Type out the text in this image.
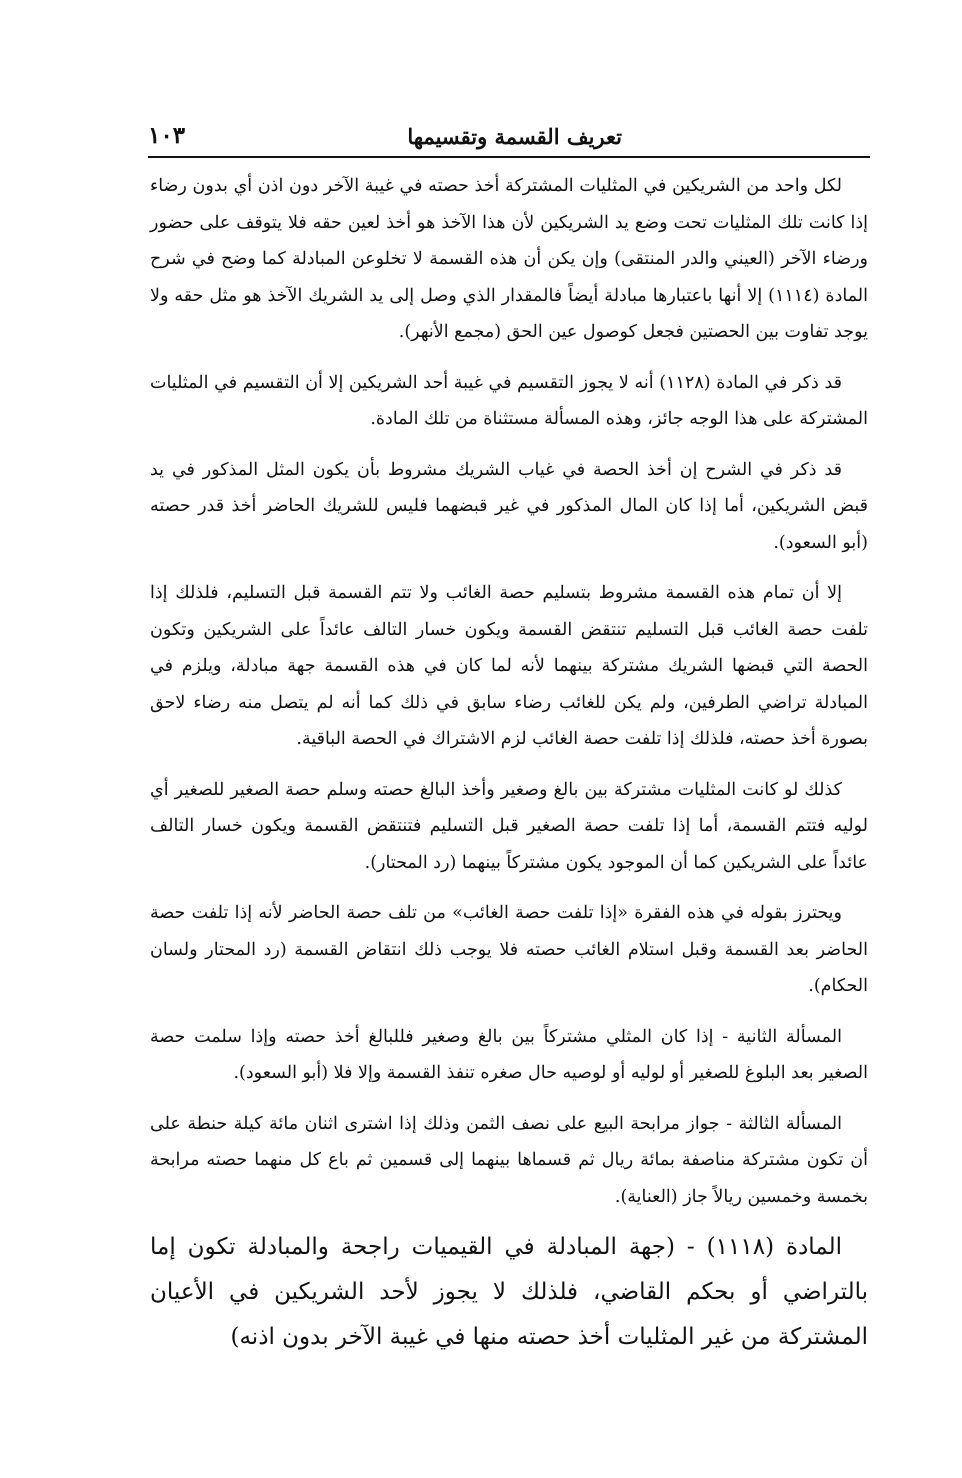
تعريف القسمة وتقسيمها
١٠٣

لكل واحد من الشريكين في المثليات المشتركة أخذ حصته في غيبة الآخر دون اذن أي بدون رضاء إذا كانت تلك المثليات تحت وضع يد الشريكين لأن هذا الآخذ هو أخذ لعين حقه فلا يتوقف على حضور ورضاء الآخر (العيني والدر المنتقى) وإن يكن أن هذه القسمة لا تخلوعن المبادلة كما وضح في شرح المادة (١١١٤) إلا أنها باعتبارها مبادلة أيضاً فالمقدار الذي وصل إلى يد الشريك الآخذ هو مثل حقه ولا يوجد تفاوت بين الحصتين فجعل كوصول عين الحق (مجمع الأنهر).

قد ذكر في المادة (١١٢٨) أنه لا يجوز التقسيم في غيبة أحد الشريكين إلا أن التقسيم في المثليات المشتركة على هذا الوجه جائز، وهذه المسألة مستثناة من تلك المادة.

قد ذكر في الشرح إن أخذ الحصة في غياب الشريك مشروط بأن يكون المثل المذكور في يد قبض الشريكين، أما إذا كان المال المذكور في غير قبضهما فليس للشريك الحاضر أخذ قدر حصته (أبو السعود).

إلا أن تمام هذه القسمة مشروط بتسليم حصة الغائب ولا تتم القسمة قبل التسليم، فلذلك إذا تلفت حصة الغائب قبل التسليم تنتقض القسمة ويكون خسار التالف عائداً على الشريكين وتكون الحصة التي قبضها الشريك مشتركة بينهما لأنه لما كان في هذه القسمة جهة مبادلة، ويلزم في المبادلة تراضي الطرفين، ولم يكن للغائب رضاء سابق في ذلك كما أنه لم يتصل منه رضاء لاحق بصورة أخذ حصته، فلذلك إذا تلفت حصة الغائب لزم الاشتراك في الحصة الباقية.

كذلك لو كانت المثليات مشتركة بين بالغ وصغير وأخذ البالغ حصته وسلم حصة الصغير للصغير أي لوليه فتتم القسمة، أما إذا تلفت حصة الصغير قبل التسليم فتنتقض القسمة ويكون خسار التالف عائداً على الشريكين كما أن الموجود يكون مشتركاً بينهما (رد المحتار).

ويحترز بقوله في هذه الفقرة «إذا تلفت حصة الغائب» من تلف حصة الحاضر لأنه إذا تلفت حصة الحاضر بعد القسمة وقبل استلام الغائب حصته فلا يوجب ذلك انتقاض القسمة (رد المحتار ولسان الحكام).

المسألة الثانية - إذا كان المثلي مشتركاً بين بالغ وصغير فللبالغ أخذ حصته وإذا سلمت حصة الصغير بعد البلوغ للصغير أو لوليه أو لوصيه حال صغره تنفذ القسمة وإلا فلا (أبو السعود).

المسألة الثالثة - جواز مرابحة البيع على نصف الثمن وذلك إذا اشترى اثنان مائة كيلة حنطة على أن تكون مشتركة مناصفة بمائة ريال ثم قسماها بينهما إلى قسمين ثم باع كل منهما حصته مرابحة بخمسة وخمسين ريالاً جاز (العناية).

المادة (١١١٨) - (جهة المبادلة في القيميات راجحة والمبادلة تكون إما بالتراضي أو بحكم القاضي، فلذلك لا يجوز لأحد الشريكين في الأعيان المشتركة من غير المثليات أخذ حصته منها في غيبة الآخر بدون اذنه)
